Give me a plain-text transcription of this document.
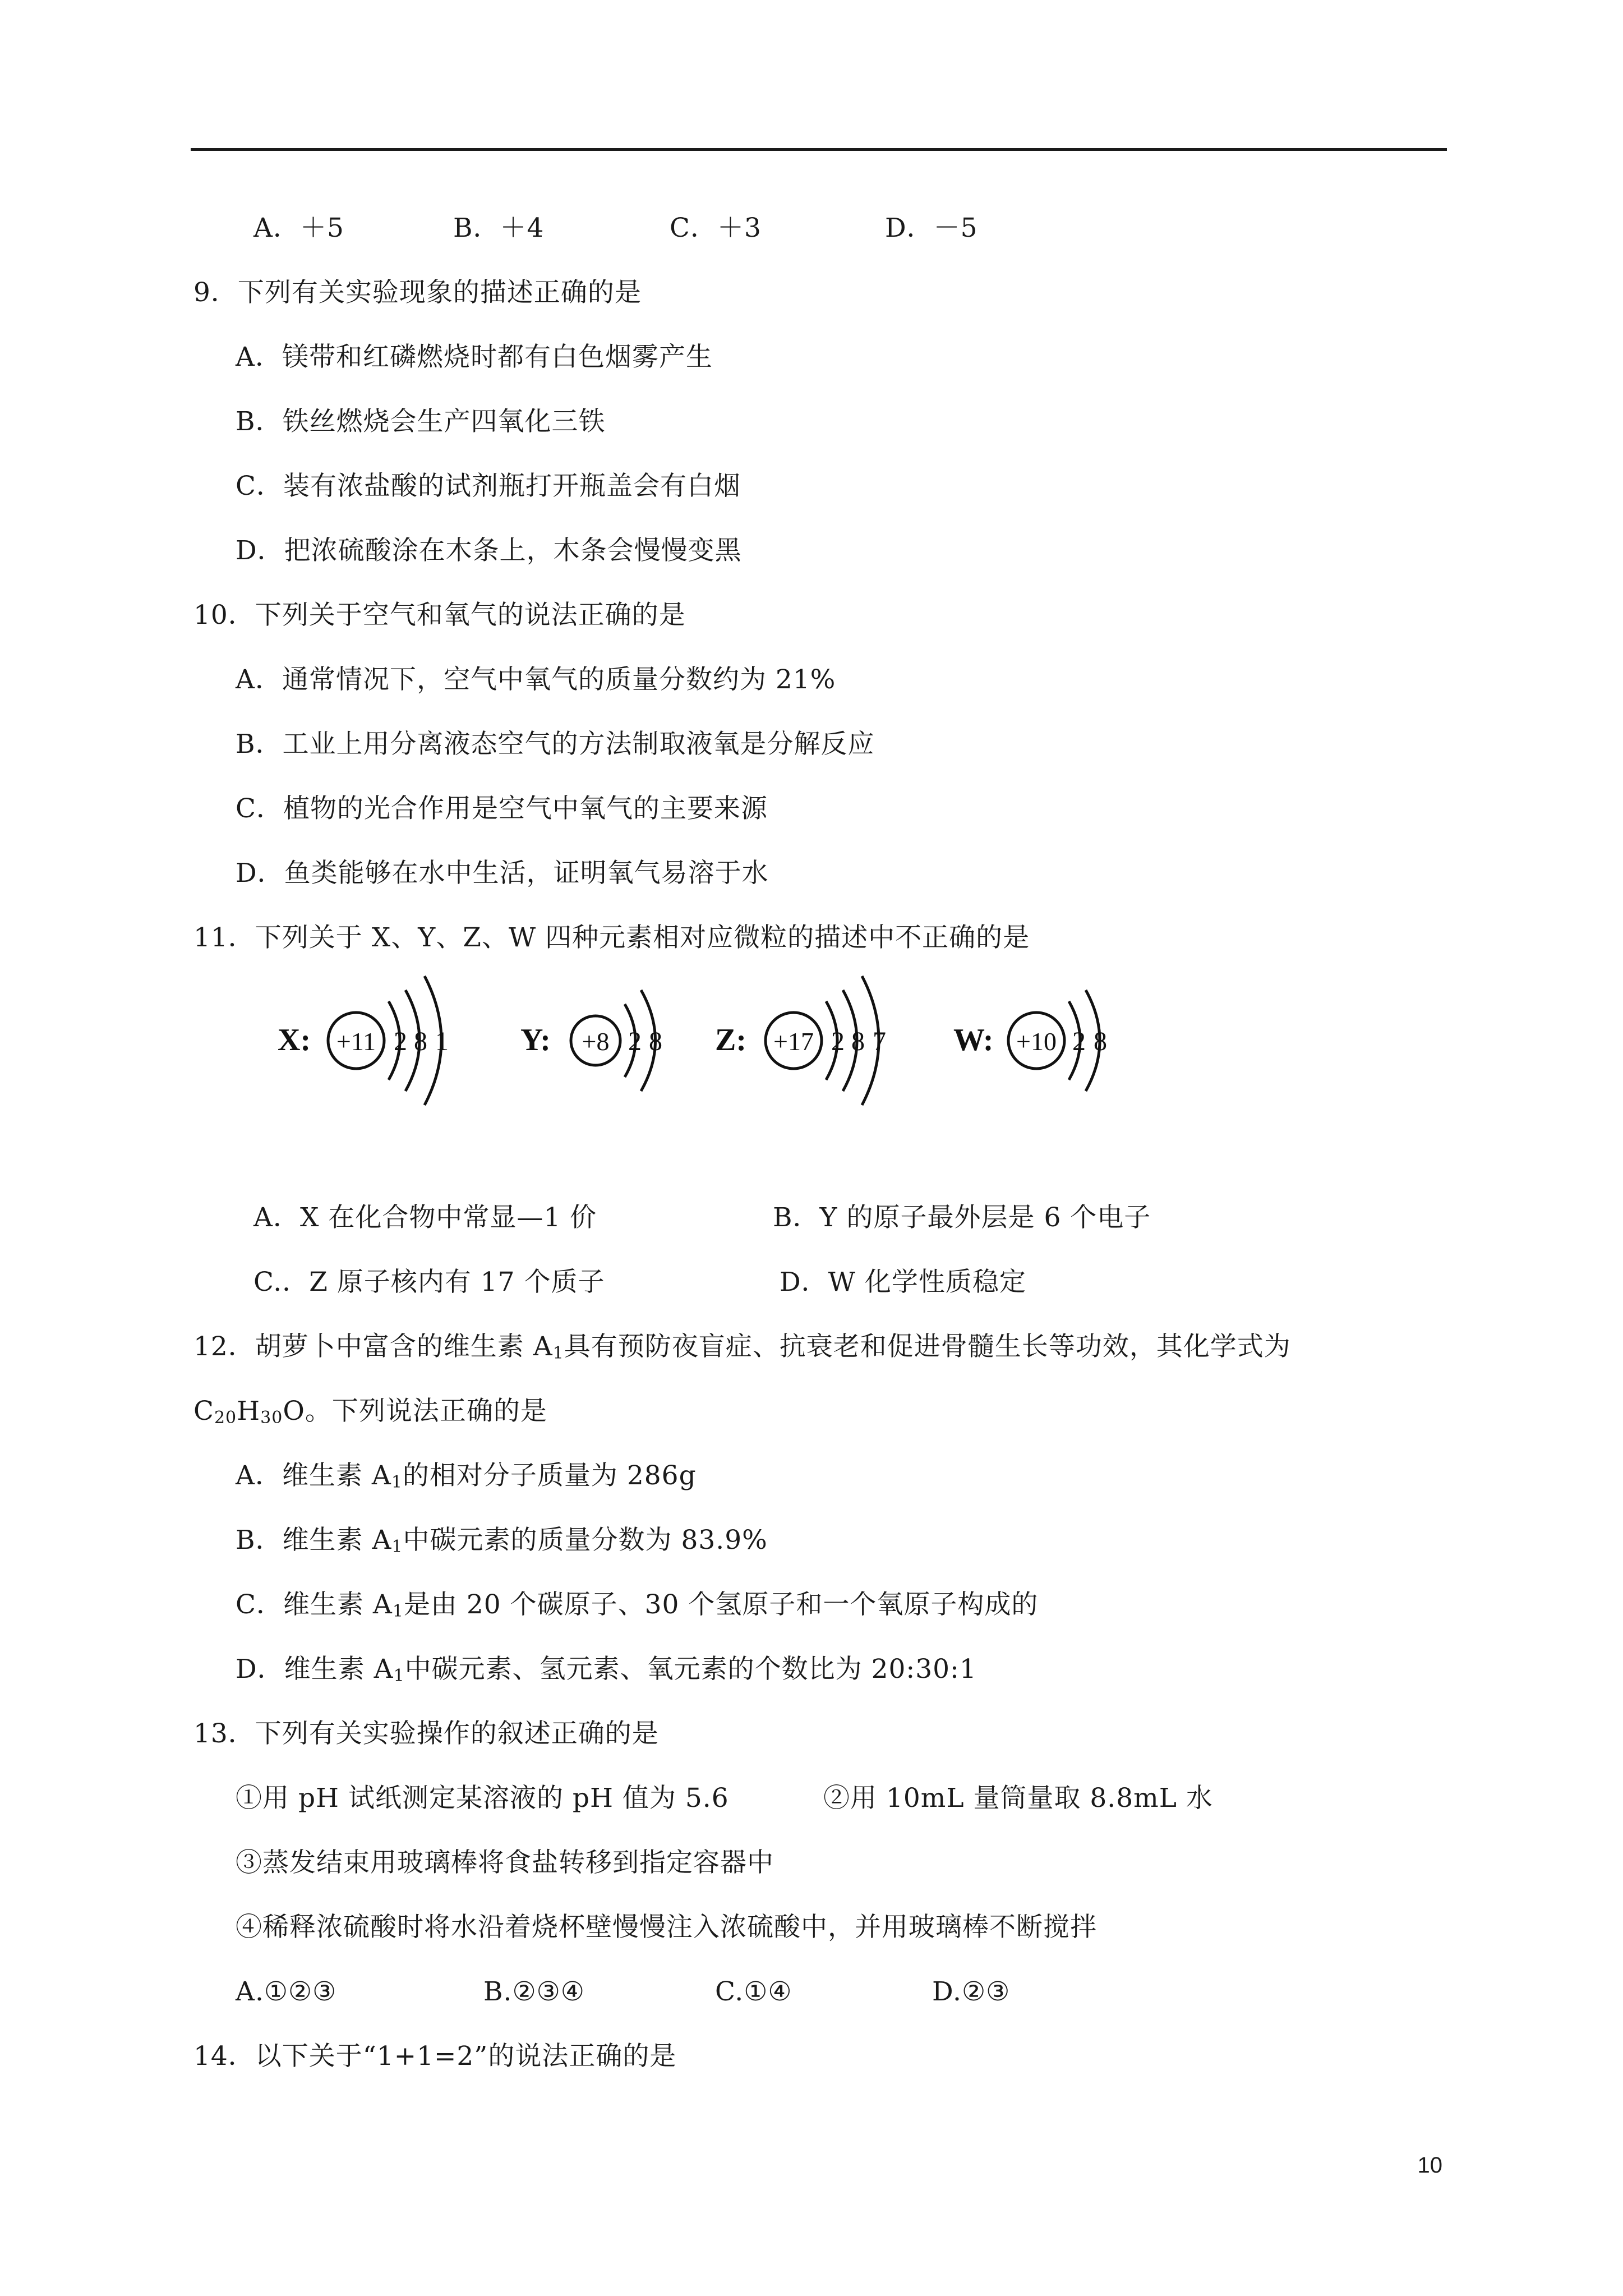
A．＋5	B．＋4	C．＋3	D．－5
9．下列有关实验现象的描述正确的是
A．镁带和红磷燃烧时都有白色烟雾产生
B．铁丝燃烧会生产四氧化三铁
C．装有浓盐酸的试剂瓶打开瓶盖会有白烟
D．把浓硫酸涂在木条上，木条会慢慢变黑
10．下列关于空气和氧气的说法正确的是
A．通常情况下，空气中氧气的质量分数约为 21%
B．工业上用分离液态空气的方法制取液氧是分解反应
C．植物的光合作用是空气中氧气的主要来源
D．鱼类能够在水中生活，证明氧气易溶于水
11．下列关于 X、Y、Z、W 四种元素相对应微粒的描述中不正确的是
X: +11 2 8 1 Y: +8 2 8 Z: +17 2 8 7 W: +10 2 8
A．X 在化合物中常显—1 价	B．Y 的原子最外层是 6 个电子
C.．Z 原子核内有 17 个质子	D．W 化学性质稳定
12．胡萝卜中富含的维生素 $A_1$具有预防夜盲症、抗衰老和促进骨髓生长等功效，其化学式为
$C_{20}H_{30}O$。下列说法正确的是
A．维生素 $A_1$的相对分子质量为 286g
B．维生素 $A_1$中碳元素的质量分数为 83.9%
C．维生素 $A_1$是由 20 个碳原子、30 个氢原子和一个氧原子构成的
D．维生素 $A_1$中碳元素、氢元素、氧元素的个数比为 20:30:1
13．下列有关实验操作的叙述正确的是
①用 pH 试纸测定某溶液的 pH 值为 5.6	②用 10mL 量筒量取 8.8mL 水
③蒸发结束用玻璃棒将食盐转移到指定容器中
④稀释浓硫酸时将水沿着烧杯壁慢慢注入浓硫酸中，并用玻璃棒不断搅拌
A.①②③	B.②③④	C.①④	D.②③
14．以下关于“1+1=2”的说法正确的是
10
